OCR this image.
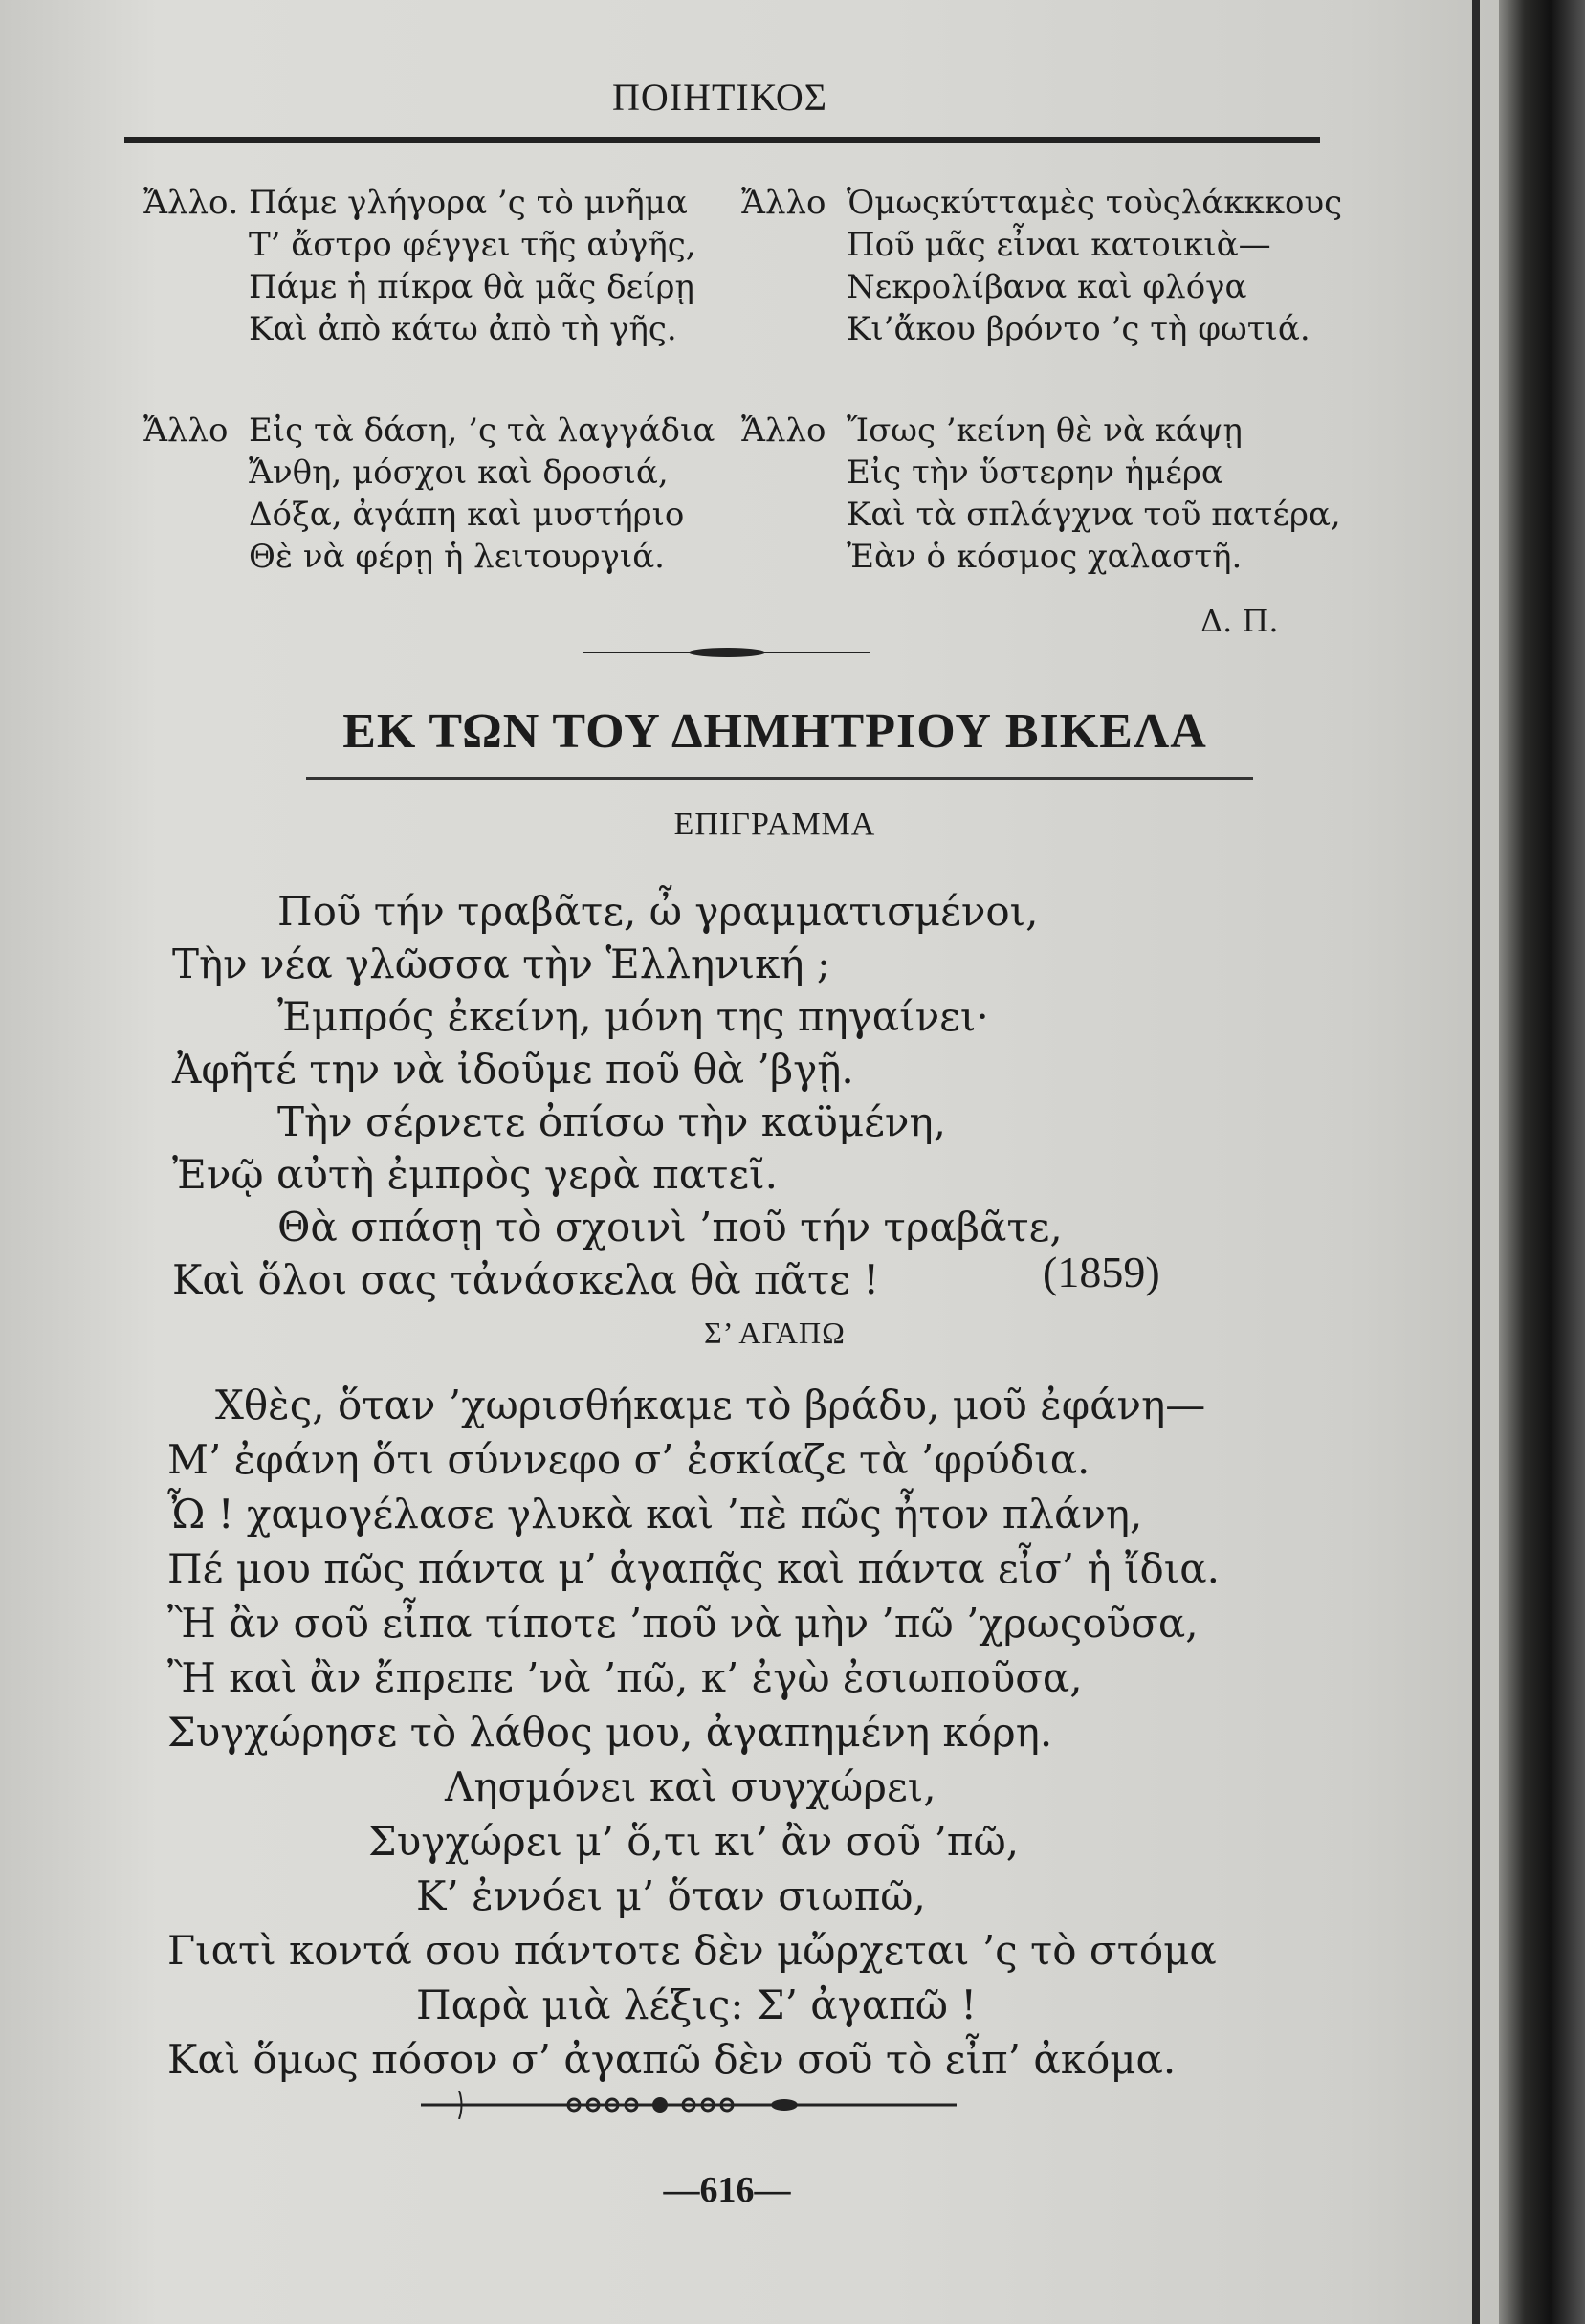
ΠΟΙΗΤΙΚΟΣ
Ἄλλο. Πάμε γλήγορα ’ς τὸ μνῆμα
Τ’ ἄστρο φέγγει τῆς αὐγῆς,
Πάμε ἡ πίκρα θὰ μᾶς δείρῃ
Καὶ ἀπὸ κάτω ἀπὸ τὴ γῆς.
Ἄλλο Εἰς τὰ δάση, ’ς τὰ λαγγάδια
Ἄνθη, μόσχοι καὶ δροσιά,
Δόξα, ἀγάπη καὶ μυστήριο
Θὲ νὰ φέρῃ ἡ λειτουργιά.
Ἄλλο Ὁμωςκύτταμὲς τοὺςλάκκκους
Ποῦ μᾶς εἶναι κατοικιὰ—
Νεκρολίβανα καὶ φλόγα
Κι’ἄκου βρόντο ’ς τὴ φωτιά.
Ἄλλο Ἴσως ’κείνη θὲ νὰ κάψῃ
Εἰς τὴν ὕστερην ἡμέρα
Καὶ τὰ σπλάγχνα τοῦ πατέρα,
Ἐὰν ὁ κόσμος χαλαστῆ.
Δ. Π.
ΕΚ ΤΩΝ ΤΟΥ ΔΗΜΗΤΡΙΟΥ ΒΙΚΕΛΑ
ΕΠΙΓΡΑΜΜΑ
Ποῦ τήν τραβᾶτε, ὦ γραμματισμένοι,
Τὴν νέα γλῶσσα τὴν Ἑλληνική ;
Ἐμπρός ἐκείνη, μόνη της πηγαίνει·
Ἀφῆτέ την νὰ ἰδοῦμε ποῦ θὰ ’βγῇ.
Τὴν σέρνετε ὀπίσω τὴν καϋμένη,
Ἐνῷ αὐτὴ ἐμπρὸς γερὰ πατεῖ.
Θὰ σπάσῃ τὸ σχοινὶ ’ποῦ τήν τραβᾶτε,
Καὶ ὅλοι σας τἀνάσκελα θὰ πᾶτε !	(1859)
Σ’ ΑΓΑΠΩ
Χθὲς, ὅταν ’χωρισθήκαμε τὸ βράδυ, μοῦ ἐφάνη—
Μ’ ἐφάνη ὅτι σύννεφο σ’ ἐσκίαζε τὰ ’φρύδια.
Ὦ ! χαμογέλασε γλυκὰ καὶ ’πὲ πῶς ἦτον πλάνη,
Πέ μου πῶς πάντα μ’ ἀγαπᾷς καὶ πάντα εἶσ’ ἡ ἴδια.
Ἢ ἂν σοῦ εἶπα τίποτε ’ποῦ νὰ μὴν ’πῶ ’χρωςοῦσα,
Ἢ καὶ ἂν ἔπρεπε ’νὰ ’πῶ, κ’ ἐγὼ ἐσιωποῦσα,
Συγχώρησε τὸ λάθος μου, ἀγαπημένη κόρη.
Λησμόνει καὶ συγχώρει,
Συγχώρει μ’ ὅ,τι κι’ ἂν σοῦ ’πῶ,
Κ’ ἐννόει μ’ ὅταν σιωπῶ,
Γιατὶ κοντά σου πάντοτε δὲν μὤρχεται ’ς τὸ στόμα
Παρὰ μιὰ λέξις: Σ’ ἀγαπῶ !
Καὶ ὅμως πόσον σ’ ἀγαπῶ δὲν σοῦ τὸ εἶπ’ ἀκόμα.
—616—
